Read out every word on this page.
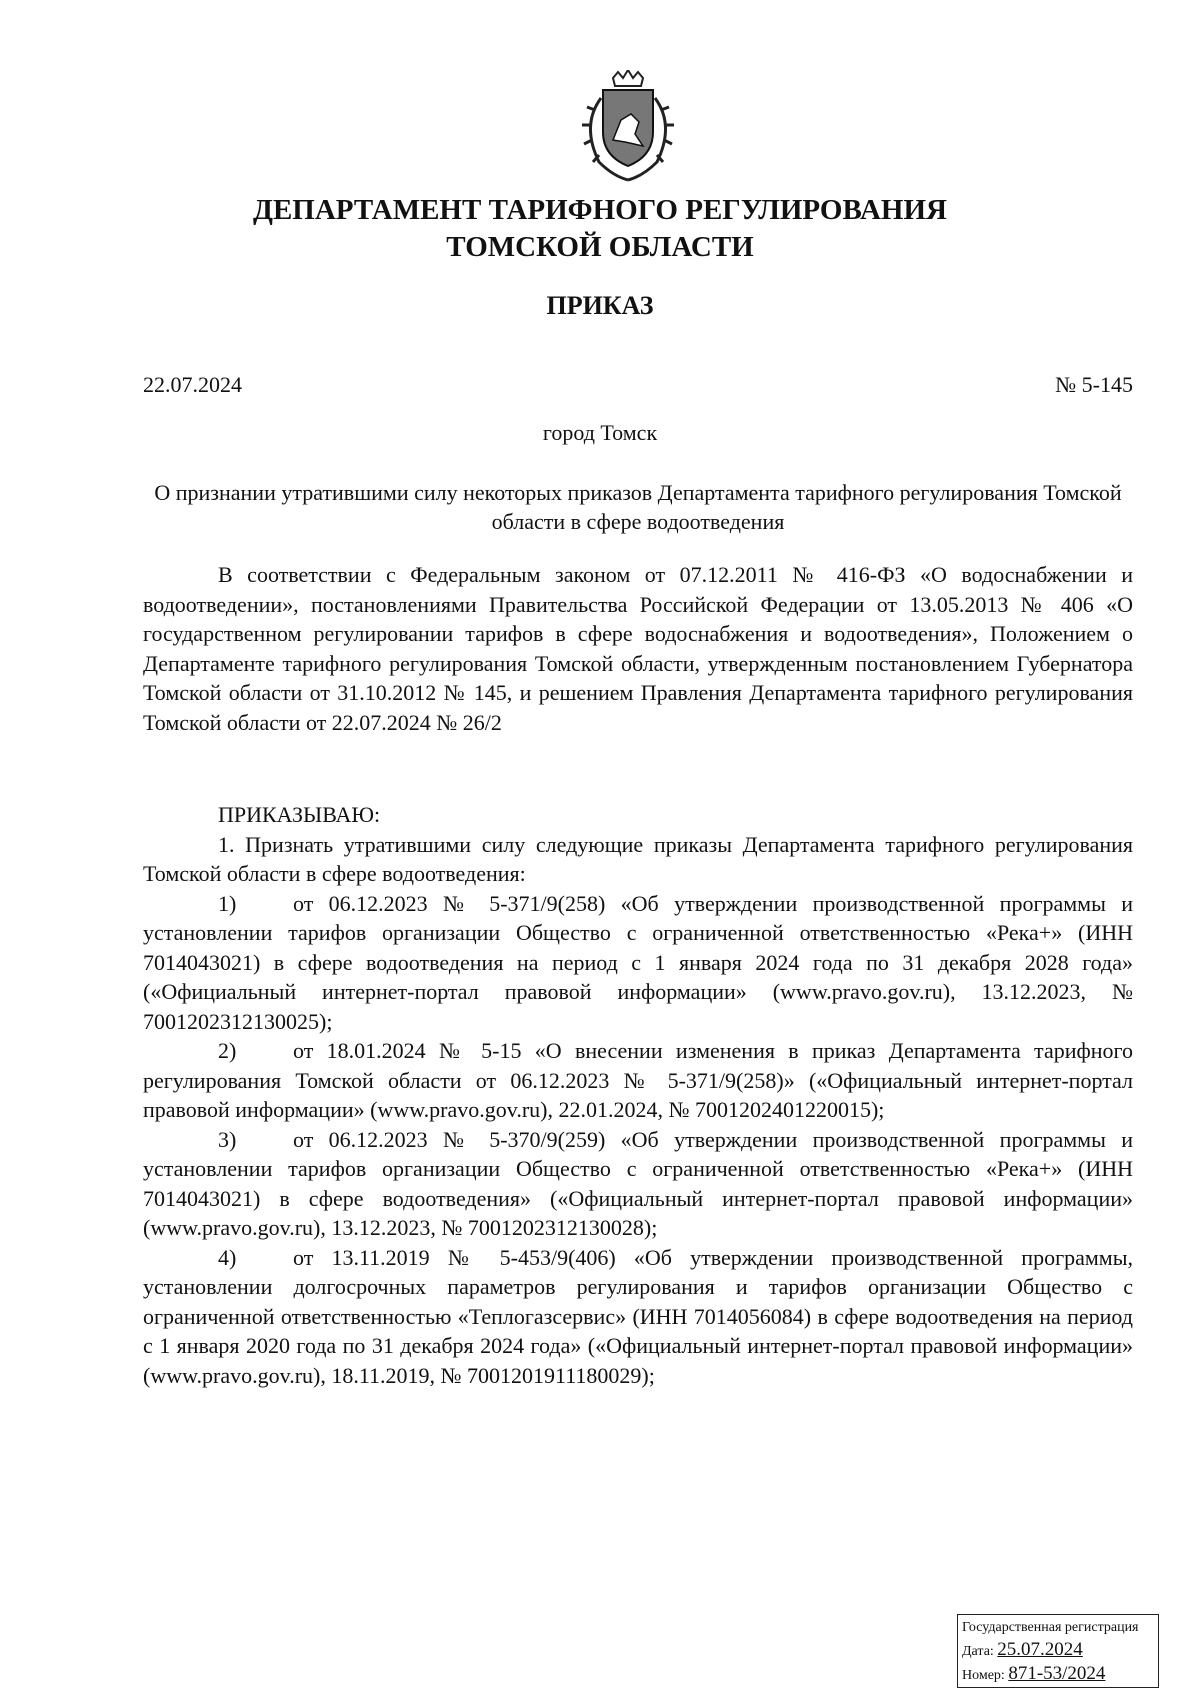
ДЕПАРТАМЕНТ ТАРИФНОГО РЕГУЛИРОВАНИЯ
ТОМСКОЙ ОБЛАСТИ
ПРИКАЗ
22.07.2024	№ 5-145
город Томск
О признании утратившими силу некоторых приказов Департамента тарифного регулирования Томской области в сфере водоотведения

В соответствии с Федеральным законом от 07.12.2011 № 416-ФЗ «О водоснабжении и водоотведении», постановлениями Правительства Российской Федерации от 13.05.2013 № 406 «О государственном регулировании тарифов в сфере водоснабжения и водоотведения», Положением о Департаменте тарифного регулирования Томской области, утвержденным постановлением Губернатора Томской области от 31.10.2012 № 145, и решением Правления Департамента тарифного регулирования Томской области от 22.07.2024 № 26/2

ПРИКАЗЫВАЮ:

1. Признать утратившими силу следующие приказы Департамента тарифного регулирования Томской области в сфере водоотведения:

1)	от 06.12.2023 № 5-371/9(258) «Об утверждении производственной программы и установлении тарифов организации Общество с ограниченной ответственностью «Река+» (ИНН 7014043021) в сфере водоотведения на период с 1 января 2024 года по 31 декабря 2028 года» («Официальный интернет-портал правовой информации» (www.pravo.gov.ru), 13.12.2023, № 7001202312130025);

2)	от 18.01.2024 № 5-15 «О внесении изменения в приказ Департамента тарифного регулирования Томской области от 06.12.2023 № 5-371/9(258)» («Официальный интернет-портал правовой информации» (www.pravo.gov.ru), 22.01.2024, № 7001202401220015);

3)	от 06.12.2023 № 5-370/9(259) «Об утверждении производственной программы и установлении тарифов организации Общество с ограниченной ответственностью «Река+» (ИНН 7014043021) в сфере водоотведения» («Официальный интернет-портал правовой информации» (www.pravo.gov.ru), 13.12.2023, № 7001202312130028);

4)	от 13.11.2019 № 5-453/9(406) «Об утверждении производственной программы, установлении долгосрочных параметров регулирования и тарифов организации Общество с ограниченной ответственностью «Теплогазсервис» (ИНН 7014056084) в сфере водоотведения на период с 1 января 2020 года по 31 декабря 2024 года» («Официальный интернет-портал правовой информации» (www.pravo.gov.ru), 18.11.2019, № 7001201911180029);

Государственная регистрация
Дата: 25.07.2024
Номер: 871-53/2024
